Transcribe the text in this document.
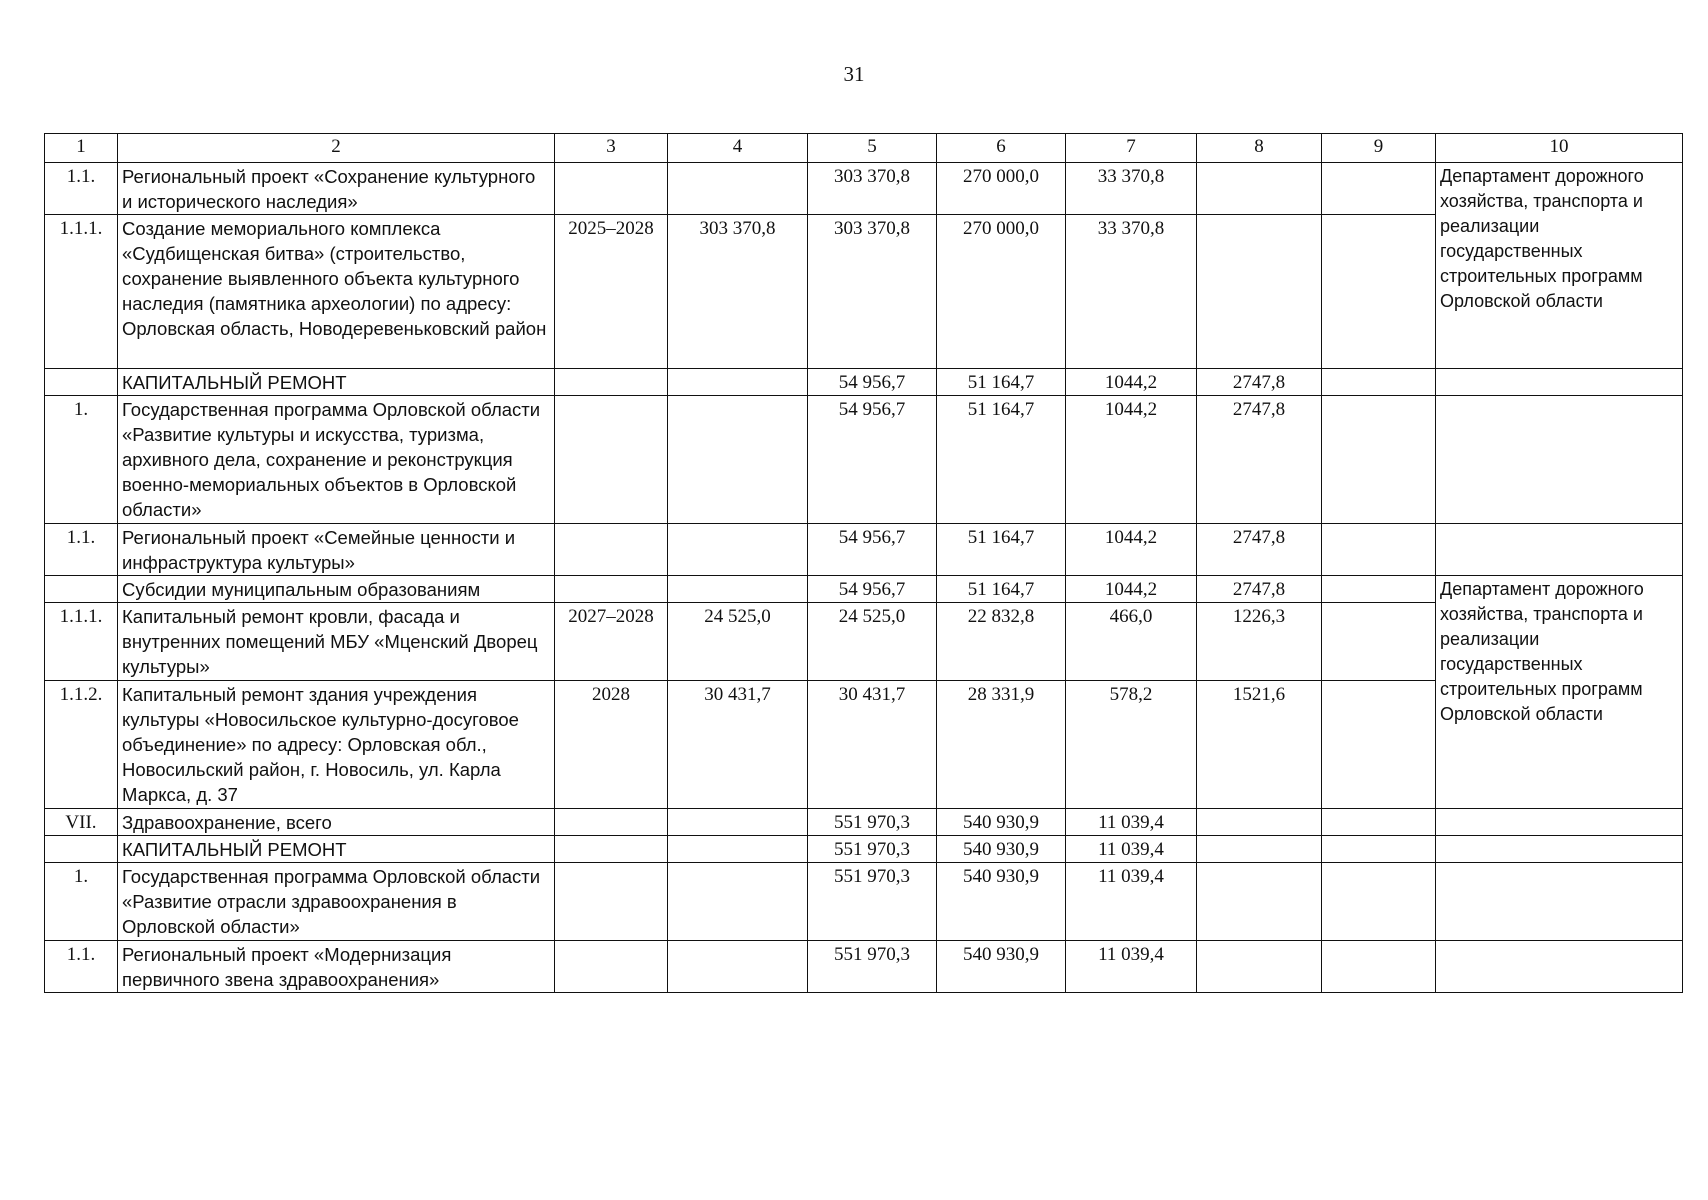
31
1	2	3	4	5	6	7	8	9	10
1.1.	Региональный проект «Сохранение культурного и исторического наследия»			303 370,8	270 000,0	33 370,8			Департамент дорожного хозяйства, транспорта и реализации государственных строительных программ Орловской области
1.1.1.	Создание мемориального комплекса «Судбищенская битва» (строительство, сохранение выявленного объекта культурного наследия (памятника археологии) по адресу: Орловская область, Новодеревеньковский район	2025–2028	303 370,8	303 370,8	270 000,0	33 370,8			
	КАПИТАЛЬНЫЙ РЕМОНТ			54 956,7	51 164,7	1044,2	2747,8		
1.	Государственная программа Орловской области «Развитие культуры и искусства, туризма, архивного дела, сохранение и реконструкция военно-мемориальных объектов в Орловской области»			54 956,7	51 164,7	1044,2	2747,8		
1.1.	Региональный проект «Семейные ценности и инфраструктура культуры»			54 956,7	51 164,7	1044,2	2747,8		
	Субсидии муниципальным образованиям			54 956,7	51 164,7	1044,2	2747,8		Департамент дорожного хозяйства, транспорта и реализации государственных строительных программ Орловской области
1.1.1.	Капитальный ремонт кровли, фасада и внутренних помещений МБУ «Мценский Дворец культуры»	2027–2028	24 525,0	24 525,0	22 832,8	466,0	1226,3		
1.1.2.	Капитальный ремонт здания учреждения культуры «Новосильское культурно-досуговое объединение» по адресу: Орловская обл., Новосильский район, г. Новосиль, ул. Карла Маркса, д. 37	2028	30 431,7	30 431,7	28 331,9	578,2	1521,6		
VII.	Здравоохранение, всего			551 970,3	540 930,9	11 039,4			
	КАПИТАЛЬНЫЙ РЕМОНТ			551 970,3	540 930,9	11 039,4			
1.	Государственная программа Орловской области «Развитие отрасли здравоохранения в Орловской области»			551 970,3	540 930,9	11 039,4			
1.1.	Региональный проект «Модернизация первичного звена здравоохранения»			551 970,3	540 930,9	11 039,4			
